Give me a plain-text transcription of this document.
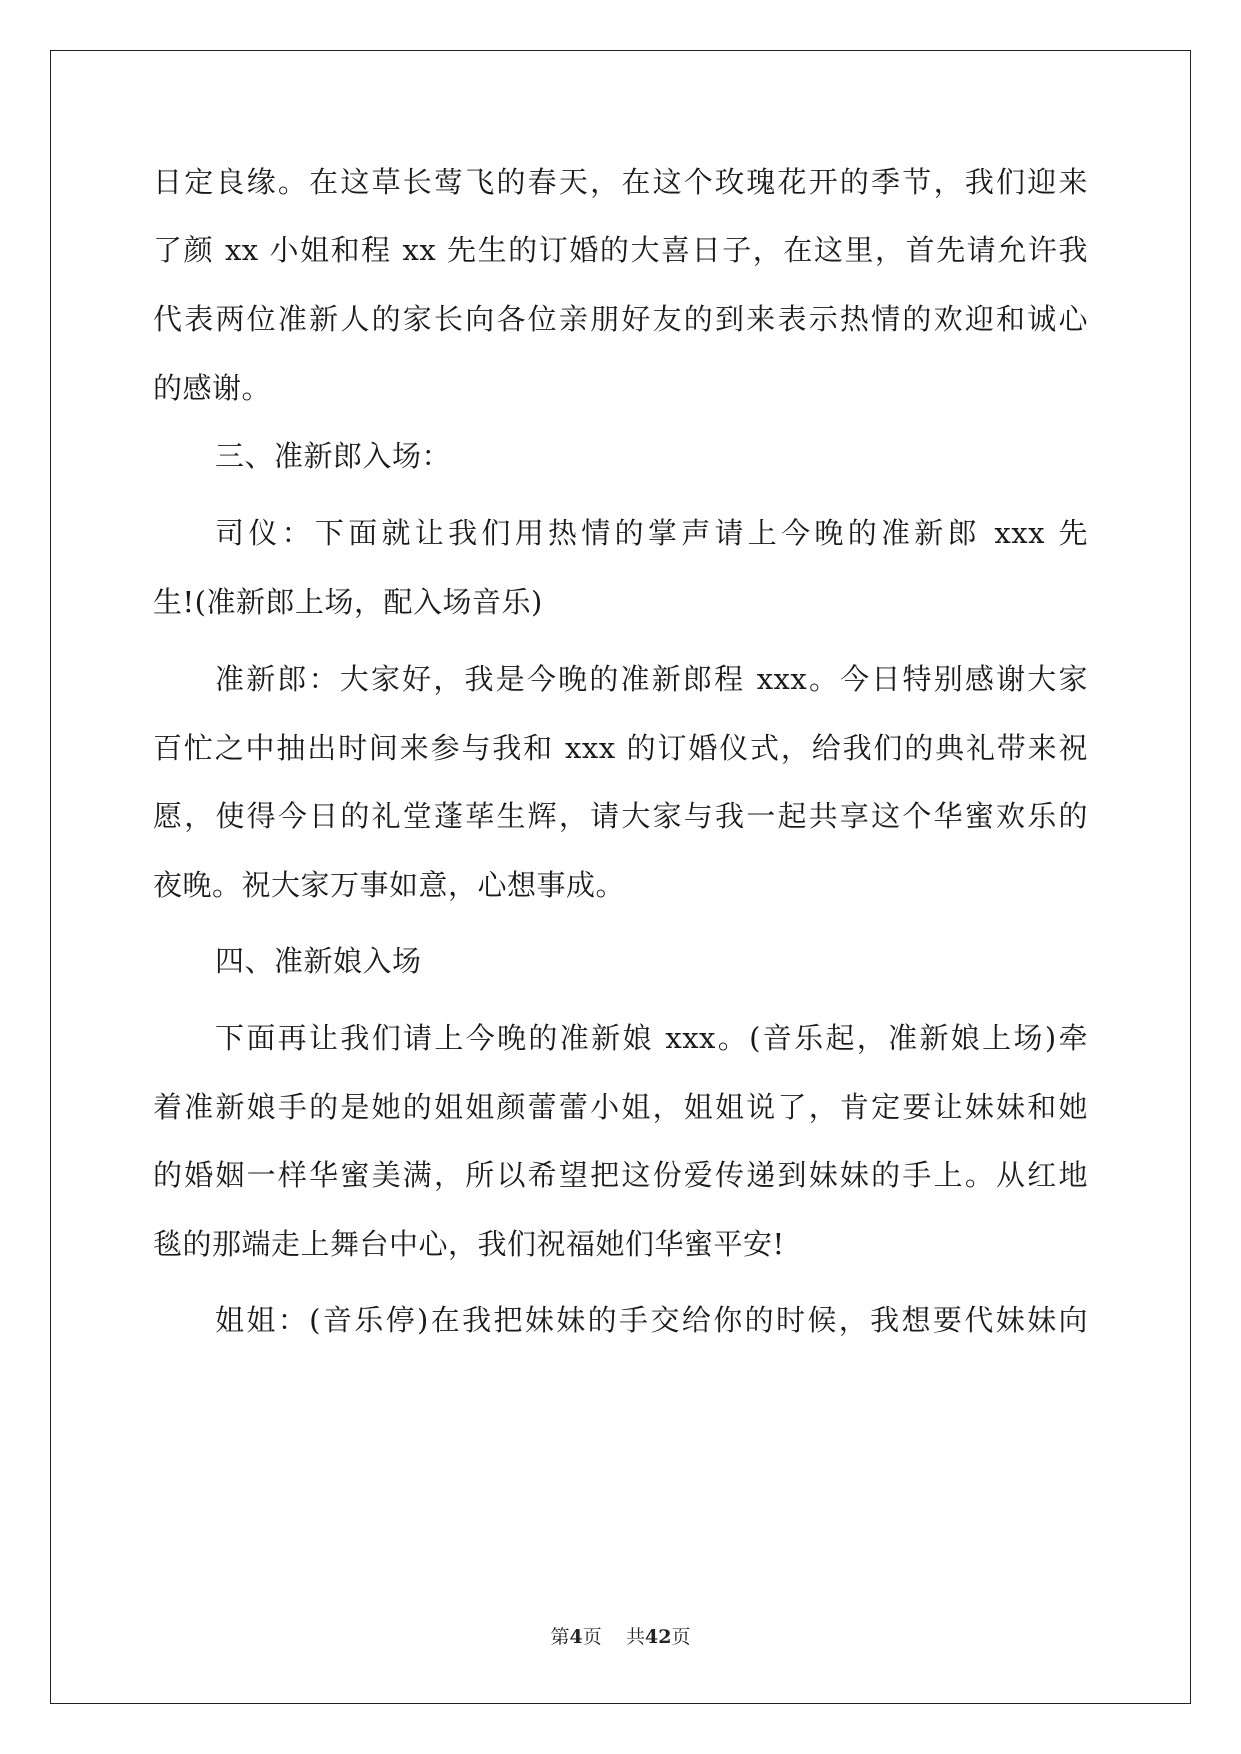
日定良缘。在这草长莺飞的春天，在这个玫瑰花开的季节，我们迎来
了颜 xx 小姐和程 xx 先生的订婚的大喜日子，在这里，首先请允许我
代表两位准新人的家长向各位亲朋好友的到来表示热情的欢迎和诚心
的感谢。
三、准新郎入场：
司仪：下面就让我们用热情的掌声请上今晚的准新郎 xxx 先
生!(准新郎上场，配入场音乐)
准新郎：大家好，我是今晚的准新郎程 xxx。今日特别感谢大家
百忙之中抽出时间来参与我和 xxx 的订婚仪式，给我们的典礼带来祝
愿，使得今日的礼堂蓬荜生辉，请大家与我一起共享这个华蜜欢乐的
夜晚。祝大家万事如意，心想事成。
四、准新娘入场
下面再让我们请上今晚的准新娘 xxx。(音乐起，准新娘上场)牵
着准新娘手的是她的姐姐颜蕾蕾小姐，姐姐说了，肯定要让妹妹和她
的婚姻一样华蜜美满，所以希望把这份爱传递到妹妹的手上。从红地
毯的那端走上舞台中心，我们祝福她们华蜜平安!
姐姐：(音乐停)在我把妹妹的手交给你的时候，我想要代妹妹向
第4页 共42页
